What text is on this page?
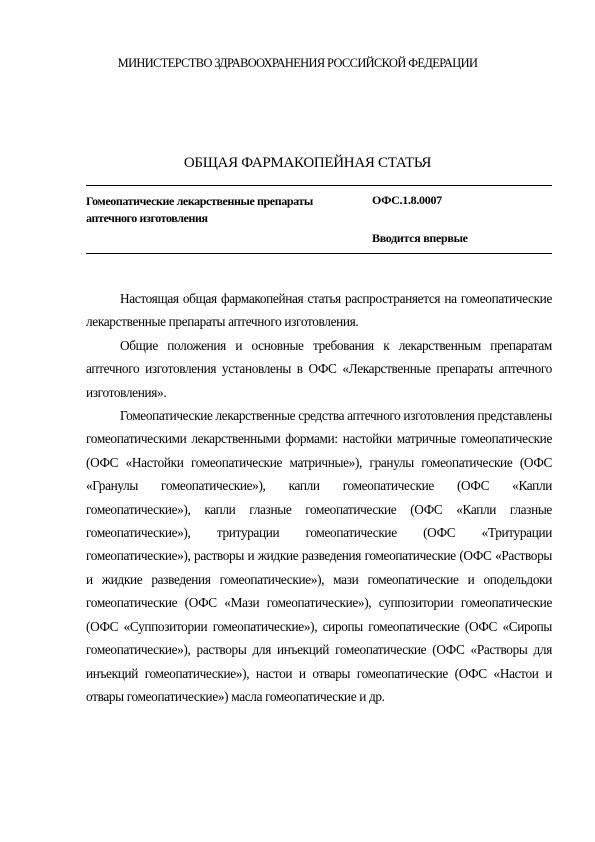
МИНИСТЕРСТВО ЗДРАВООХРАНЕНИЯ РОССИЙСКОЙ ФЕДЕРАЦИИ
ОБЩАЯ ФАРМАКОПЕЙНАЯ СТАТЬЯ
Гомеопатические лекарственные препараты аптечного изготовления
ОФС.1.8.0007
Вводится впервые

Настоящая общая фармакопейная статья распространяется на гомеопатические лекарственные препараты аптечного изготовления.

Общие положения и основные требования к лекарственным препаратам аптечного изготовления установлены в ОФС «Лекарственные препараты аптечного изготовления».

Гомеопатические лекарственные средства аптечного изготовления представлены гомеопатическими лекарственными формами: настойки матричные гомеопатические (ОФС «Настойки гомеопатические матричные»), гранулы гомеопатические (ОФС «Гранулы гомеопатические»), капли гомеопатические (ОФС «Капли гомеопатические»), капли глазные гомеопатические (ОФС «Капли глазные гомеопатические»), тритурации гомеопатические (ОФС «Тритурации гомеопатические»), растворы и жидкие разведения гомеопатические (ОФС «Растворы и жидкие разведения гомеопатические»), мази гомеопатические и оподельдоки гомеопатические (ОФС «Мази гомеопатические»), суппозитории гомеопатические (ОФС «Суппозитории гомеопатические»), сиропы гомеопатические (ОФС «Сиропы гомеопатические»), растворы для инъекций гомеопатические (ОФС «Растворы для инъекций гомеопатические»), настои и отвары гомеопатические (ОФС «Настои и отвары гомеопатические») масла гомеопатические и др.
